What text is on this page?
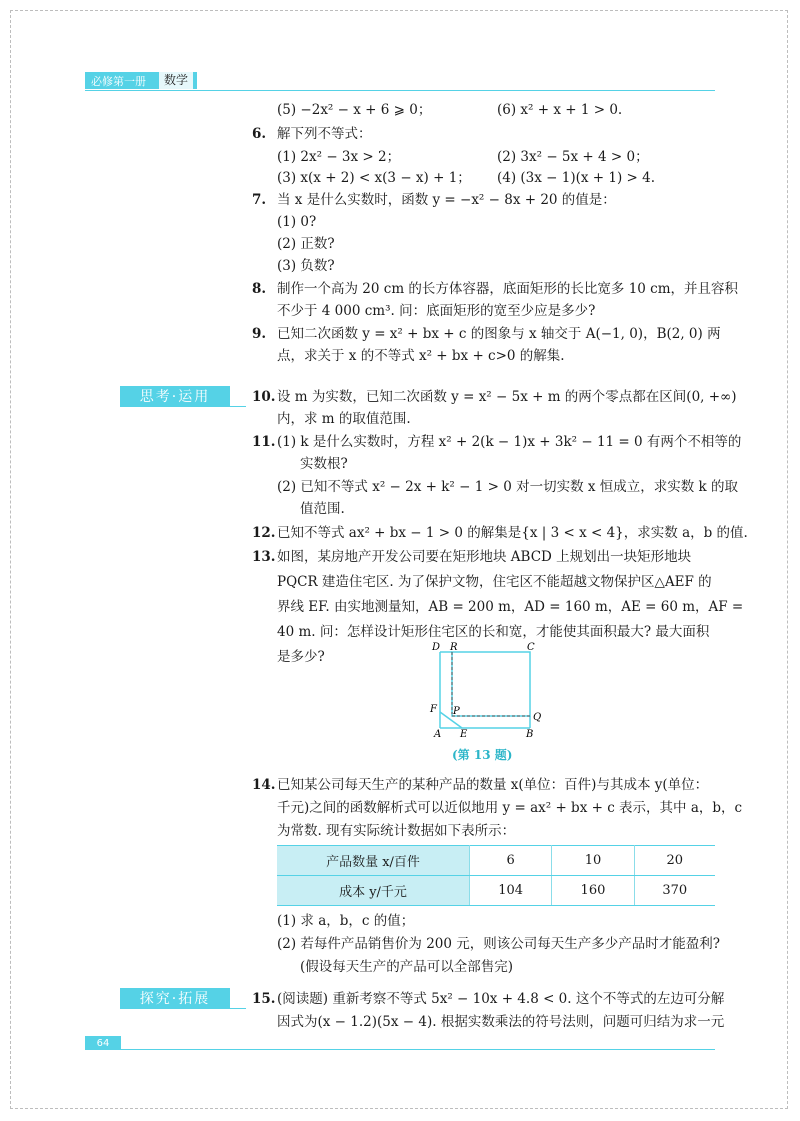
必修第一册	数学
(5) −2x² − x + 6 ⩾ 0；	(6) x² + x + 1 > 0.
6. 解下列不等式：
(1) 2x² − 3x > 2；	(2) 3x² − 5x + 4 > 0；
(3) x(x + 2) < x(3 − x) + 1； (4) (3x − 1)(x + 1) > 4.
7. 当 x 是什么实数时，函数 y = −x² − 8x + 20 的值是：
(1) 0?
(2) 正数?
(3) 负数?
8. 制作一个高为 20 cm 的长方体容器，底面矩形的长比宽多 10 cm，并且容积
不少于 4 000 cm³. 问：底面矩形的宽至少应是多少?
9. 已知二次函数 y = x² + bx + c 的图象与 x 轴交于 A(−1, 0)，B(2, 0) 两
点，求关于 x 的不等式 x² + bx + c>0 的解集.
思考·运用	10. 设 m 为实数，已知二次函数 y = x² − 5x + m 的两个零点都在区间(0, +∞)
内，求 m 的取值范围.
11. (1) k 是什么实数时，方程 x² + 2(k − 1)x + 3k² − 11 = 0 有两个不相等的
实数根?
(2) 已知不等式 x² − 2x + k² − 1 > 0 对一切实数 x 恒成立，求实数 k 的取
值范围.
12. 已知不等式 ax² + bx − 1 > 0 的解集是{x | 3 < x < 4}，求实数 a，b 的值.
13. 如图，某房地产开发公司要在矩形地块 ABCD 上规划出一块矩形地块
PQCR 建造住宅区. 为了保护文物，住宅区不能超越文物保护区△AEF 的
界线 EF. 由实地测量知，AB = 200 m，AD = 160 m，AE = 60 m，AF =
40 m. 问：怎样设计矩形住宅区的长和宽，才能使其面积最大? 最大面积
是多少?
D R	C
F P
Q
A E	B
(第 13 题)
14. 已知某公司每天生产的某种产品的数量 x(单位：百件)与其成本 y(单位：
千元)之间的函数解析式可以近似地用 y = ax² + bx + c 表示，其中 a，b，c
为常数. 现有实际统计数据如下表所示：
产品数量 x/百件	6	10	20
成本 y/千元	104	160	370
(1) 求 a，b，c 的值；
(2) 若每件产品销售价为 200 元，则该公司每天生产多少产品时才能盈利?
(假设每天生产的产品可以全部售完)
探究·拓展	15. (阅读题) 重新考察不等式 5x² − 10x + 4.8 < 0. 这个不等式的左边可分解
因式为(x − 1.2)(5x − 4). 根据实数乘法的符号法则，问题可归结为求一元
64
